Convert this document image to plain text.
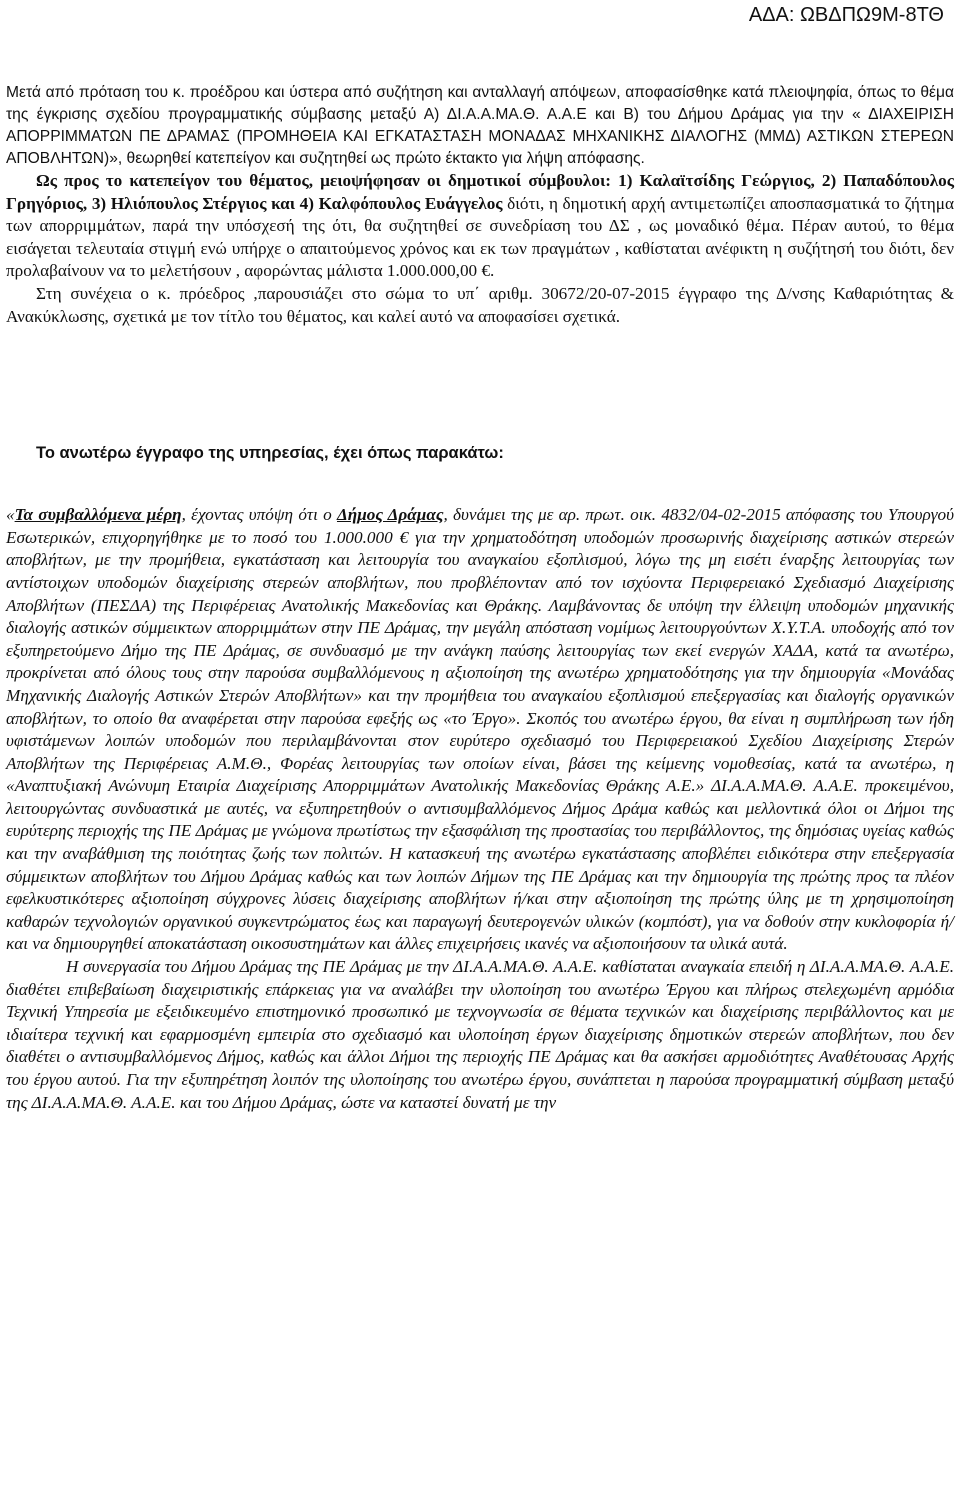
ΑΔΑ: ΩΒΔΠΩ9Μ-8ΤΘ

Μετά από πρόταση του κ. προέδρου και ύστερα από συζήτηση και ανταλλαγή απόψεων, αποφασίσθηκε κατά πλειοψηφία, όπως το θέμα της έγκρισης σχεδίου προγραμματικής σύμβασης μεταξύ Α) ΔΙ.Α.Α.ΜΑ.Θ. Α.Α.Ε και Β) του Δήμου Δράμας για την « ΔΙΑΧΕΙΡΙΣΗ ΑΠΟΡΡΙΜΜΑΤΩΝ ΠΕ ΔΡΑΜΑΣ (ΠΡΟΜΗΘΕΙΑ ΚΑΙ ΕΓΚΑΤΑΣΤΑΣΗ ΜΟΝΑΔΑΣ ΜΗΧΑΝΙΚΗΣ ΔΙΑΛΟΓΗΣ (ΜΜΔ) ΑΣΤΙΚΩΝ ΣΤΕΡΕΩΝ ΑΠΟΒΛΗΤΩΝ)», θεωρηθεί κατεπείγον και συζητηθεί ως πρώτο έκτακτο για λήψη απόφασης.

Ως προς το κατεπείγον του θέματος, μειοψήφησαν οι δημοτικοί σύμβουλοι: 1) Καλαϊτσίδης Γεώργιος, 2) Παπαδόπουλος Γρηγόριος, 3) Ηλιόπουλος Στέργιος και 4) Καλφόπουλος Ευάγγελος διότι, η δημοτική αρχή αντιμετωπίζει αποσπασματικά το ζήτημα των απορριμμάτων, παρά την υπόσχεσή της ότι, θα συζητηθεί σε συνεδρίαση του ΔΣ , ως μοναδικό θέμα. Πέραν αυτού, το θέμα εισάγεται τελευταία στιγμή ενώ υπήρχε ο απαιτούμενος χρόνος και εκ των πραγμάτων , καθίσταται ανέφικτη η συζήτησή του διότι, δεν προλαβαίνουν να το μελετήσουν , αφορώντας μάλιστα 1.000.000,00 €.

Στη συνέχεια ο κ. πρόεδρος ,παρουσιάζει στο σώμα το υπ΄ αριθμ. 30672/20-07-2015 έγγραφο της Δ/νσης Καθαριότητας & Ανακύκλωσης, σχετικά με τον τίτλο του θέματος, και καλεί αυτό να αποφασίσει σχετικά.

Το ανωτέρω έγγραφο της υπηρεσίας, έχει όπως παρακάτω:

«Τα συμβαλλόμενα μέρη, έχοντας υπόψη ότι ο Δήμος Δράμας, δυνάμει της με αρ. πρωτ. οικ. 4832/04-02-2015 απόφασης του Υπουργού Εσωτερικών, επιχορηγήθηκε με το ποσό του 1.000.000 € για την χρηματοδότηση υποδομών προσωρινής διαχείρισης αστικών στερεών αποβλήτων, με την προμήθεια, εγκατάσταση και λειτουργία του αναγκαίου εξοπλισμού, λόγω της μη εισέτι έναρξης λειτουργίας των αντίστοιχων υποδομών διαχείρισης στερεών αποβλήτων, που προβλέπονταν από τον ισχύοντα Περιφερειακό Σχεδιασμό Διαχείρισης Αποβλήτων (ΠΕΣΔΑ) της Περιφέρειας Ανατολικής Μακεδονίας και Θράκης. Λαμβάνοντας δε υπόψη την έλλειψη υποδομών μηχανικής διαλογής αστικών σύμμεικτων απορριμμάτων στην ΠΕ Δράμας, την μεγάλη απόσταση νομίμως λειτουργούντων Χ.Υ.Τ.Α. υποδοχής από τον εξυπηρετούμενο Δήμο της ΠΕ Δράμας, σε συνδυασμό με την ανάγκη παύσης λειτουργίας των εκεί ενεργών ΧΑΔΑ, κατά τα ανωτέρω, προκρίνεται από όλους τους στην παρούσα συμβαλλόμενους η αξιοποίηση της ανωτέρω χρηματοδότησης για την δημιουργία «Μονάδας Μηχανικής Διαλογής Αστικών Στερών Αποβλήτων» και την προμήθεια του αναγκαίου εξοπλισμού επεξεργασίας και διαλογής οργανικών αποβλήτων, το οποίο θα αναφέρεται στην παρούσα εφεξής ως «το Έργο». Σκοπός του ανωτέρω έργου, θα είναι η συμπλήρωση των ήδη υφιστάμενων λοιπών υποδομών που περιλαμβάνονται στον ευρύτερο σχεδιασμό του Περιφερειακού Σχεδίου Διαχείρισης Στερών Αποβλήτων της Περιφέρειας Α.Μ.Θ., Φορέας λειτουργίας των οποίων είναι, βάσει της κείμενης νομοθεσίας, κατά τα ανωτέρω, η «Αναπτυξιακή Ανώνυμη Εταιρία Διαχείρισης Απορριμμάτων Ανατολικής Μακεδονίας Θράκης Α.Ε.» ΔΙ.Α.Α.ΜΑ.Θ. Α.Α.Ε. προκειμένου, λειτουργώντας συνδυαστικά με αυτές, να εξυπηρετηθούν ο αντισυμβαλλόμενος Δήμος Δράμα καθώς και μελλοντικά όλοι οι Δήμοι της ευρύτερης περιοχής της ΠΕ Δράμας με γνώμονα πρωτίστως την εξασφάλιση της προστασίας του περιβάλλοντος, της δημόσιας υγείας καθώς και την αναβάθμιση της ποιότητας ζωής των πολιτών. Η κατασκευή της ανωτέρω εγκατάστασης αποβλέπει ειδικότερα στην επεξεργασία σύμμεικτων αποβλήτων του Δήμου Δράμας καθώς και των λοιπών Δήμων της ΠΕ Δράμας και την δημιουργία της πρώτης προς τα πλέον εφελκυστικότερες αξιοποίηση σύγχρονες λύσεις διαχείρισης αποβλήτων ή/και στην αξιοποίηση της πρώτης ύλης με τη χρησιμοποίηση καθαρών τεχνολογιών οργανικού συγκεντρώματος έως και παραγωγή δευτερογενών υλικών (κομπόστ), για να δοθούν στην κυκλοφορία ή/και να δημιουργηθεί αποκατάσταση οικοσυστημάτων και άλλες επιχειρήσεις ικανές να αξιοποιήσουν τα υλικά αυτά.

Η συνεργασία του Δήμου Δράμας της ΠΕ Δράμας με την ΔΙ.Α.Α.ΜΑ.Θ. Α.Α.Ε. καθίσταται αναγκαία επειδή η ΔΙ.Α.Α.ΜΑ.Θ. Α.Α.Ε. διαθέτει επιβεβαίωση διαχειριστικής επάρκειας για να αναλάβει την υλοποίηση του ανωτέρω Έργου και πλήρως στελεχωμένη αρμόδια Τεχνική Υπηρεσία με εξειδικευμένο επιστημονικό προσωπικό με τεχνογνωσία σε θέματα τεχνικών και διαχείρισης περιβάλλοντος και με ιδιαίτερα τεχνική και εφαρμοσμένη εμπειρία στο σχεδιασμό και υλοποίηση έργων διαχείρισης δημοτικών στερεών αποβλήτων, που δεν διαθέτει ο αντισυμβαλλόμενος Δήμος, καθώς και άλλοι Δήμοι της περιοχής ΠΕ Δράμας και θα ασκήσει αρμοδιότητες Αναθέτουσας Αρχής του έργου αυτού. Για την εξυπηρέτηση λοιπόν της υλοποίησης του ανωτέρω έργου, συνάπτεται η παρούσα προγραμματική σύμβαση μεταξύ της ΔΙ.Α.Α.ΜΑ.Θ. Α.Α.Ε. και του Δήμου Δράμας, ώστε να καταστεί δυνατή με την
